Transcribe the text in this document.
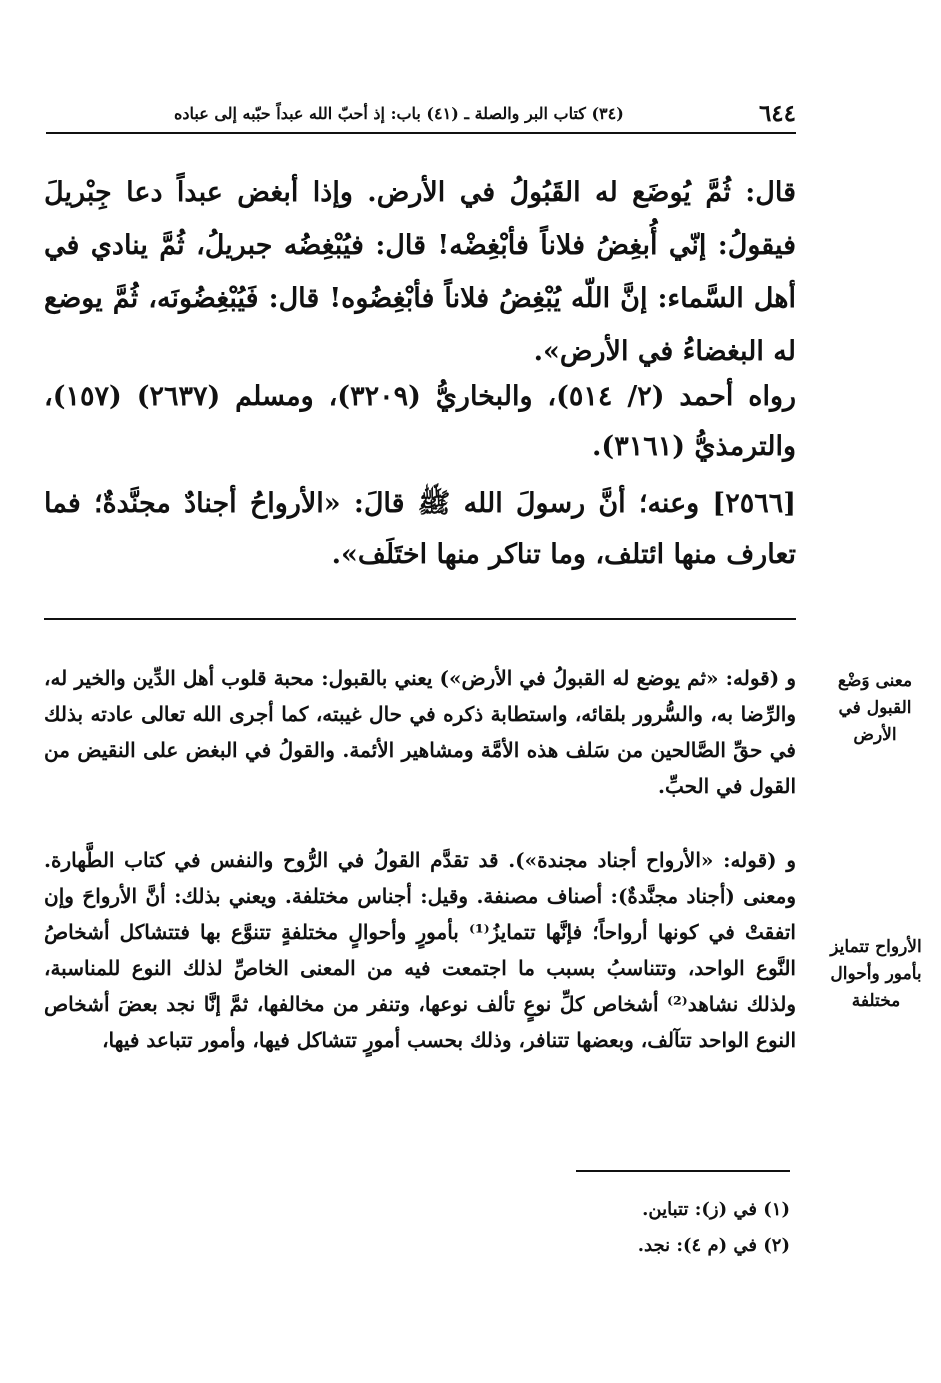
٦٤٤
(٣٤) كتاب البر والصلة ـ (٤١) باب: إذ أحبّ الله عبداً حبّبه إلى عباده

قال: ثُمَّ يُوضَع له القَبُولُ في الأرض. وإذا أبغض عبداً دعا جِبْريلَ فيقولُ: إنّي أُبغِضُ فلاناً فأبْغِضْه! قال: فيُبْغِضُه جبريلُ، ثُمَّ ينادي في أهل السَّماء: إنَّ اللّه يُبْغِضُ فلاناً فأبْغِضُوه! قال: فَيُبْغِضُونَه، ثُمَّ يوضع له البغضاءُ في الأرض».

رواه أحمد (٢/ ٥١٤)، والبخاريُّ (٣٢٠٩)، ومسلم (٢٦٣٧) (١٥٧)، والترمذيُّ (٣١٦١).

[٢٥٦٦] وعنه؛ أنَّ رسولَ الله ﷺ قالَ: «الأرواحُ أجنادٌ مجنَّدةٌ؛ فما تعارف منها ائتلف، وما تناكر منها اختَلَف».

و (قوله: «ثم يوضع له القبولُ في الأرض») يعني بالقبول: محبة قلوب أهل الدِّين والخير له، والرِّضا به، والسُّرور بلقائه، واستطابة ذكره في حال غيبته، كما أجرى الله تعالى عادته بذلك في حقِّ الصَّالحين من سَلف هذه الأمَّة ومشاهير الأئمة. والقولُ في البغض على النقيض من القول في الحبِّ.

و (قوله: «الأرواح أجناد مجندة»). قد تقدَّم القولُ في الرُّوح والنفس في كتاب الطَّهارة. ومعنى (أجناد مجنَّدةٌ): أصناف مصنفة. وقيل: أجناس مختلفة. ويعني بذلك: أنَّ الأرواحَ وإن اتفقتْ في كونها أرواحاً؛ فإنَّها تتمايزُ⁽¹⁾ بأمورٍ وأحوالٍ مختلفةٍ تتنوَّع بها فتتشاكل أشخاصُ النَّوع الواحد، وتتناسبُ بسبب ما اجتمعت فيه من المعنى الخاصِّ لذلك النوع للمناسبة، ولذلك نشاهد⁽²⁾ أشخاص كلِّ نوعٍ تألف نوعها، وتنفر من مخالفها، ثمَّ إنَّا نجد بعضَ أشخاص النوع الواحد تتآلف، وبعضها تتنافر، وذلك بحسب أمورٍ تتشاكل فيها، وأمور تتباعد فيها،

معنى وَضْع القبول في الأرض
الأرواح تتمايز بأمور وأحوال مختلفة

(١) في (ز): تتباين.

(٢) في (م ٤): نجد.
